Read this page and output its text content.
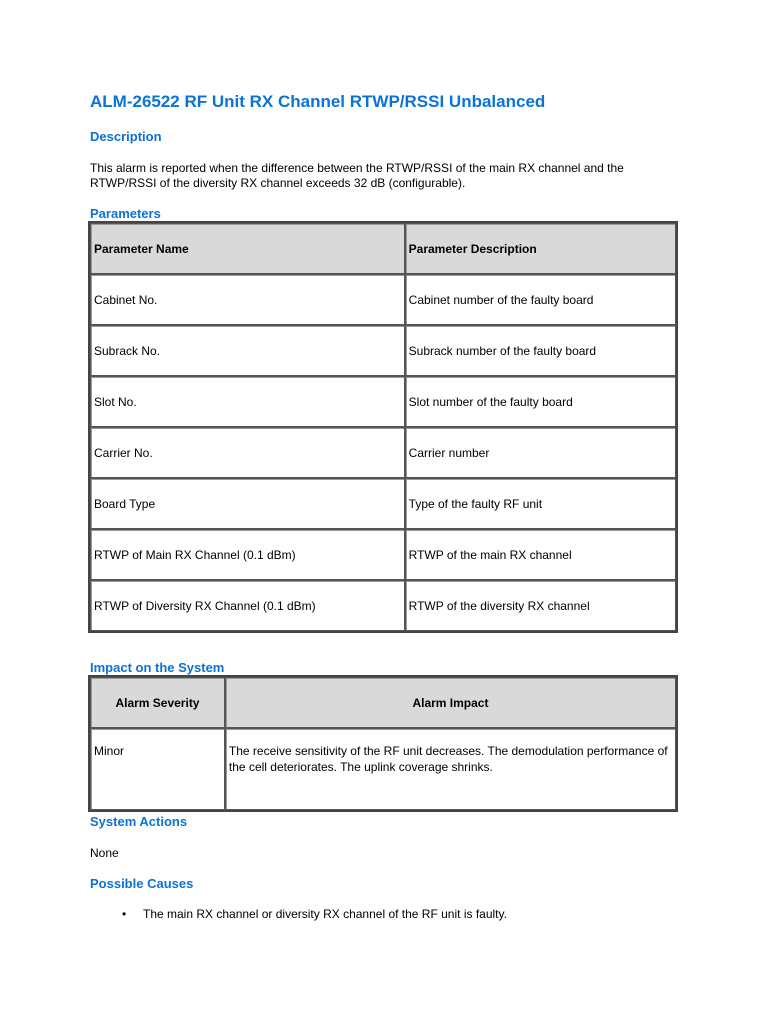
ALM-26522 RF Unit RX Channel RTWP/RSSI Unbalanced
Description

This alarm is reported when the difference between the RTWP/RSSI of the main RX channel and the RTWP/RSSI of the diversity RX channel exceeds 32 dB (configurable).

Parameters
Parameter Name	Parameter Description
Cabinet No.	Cabinet number of the faulty board
Subrack No.	Subrack number of the faulty board
Slot No.	Slot number of the faulty board
Carrier No.	Carrier number
Board Type	Type of the faulty RF unit
RTWP of Main RX Channel (0.1 dBm)	RTWP of the main RX channel
RTWP of Diversity RX Channel (0.1 dBm)	RTWP of the diversity RX channel
Impact on the System
Alarm Severity	Alarm Impact
Minor	The receive sensitivity of the RF unit decreases. The demodulation performance of the cell deteriorates. The uplink coverage shrinks.
System Actions

None

Possible Causes
• The main RX channel or diversity RX channel of the RF unit is faulty.
